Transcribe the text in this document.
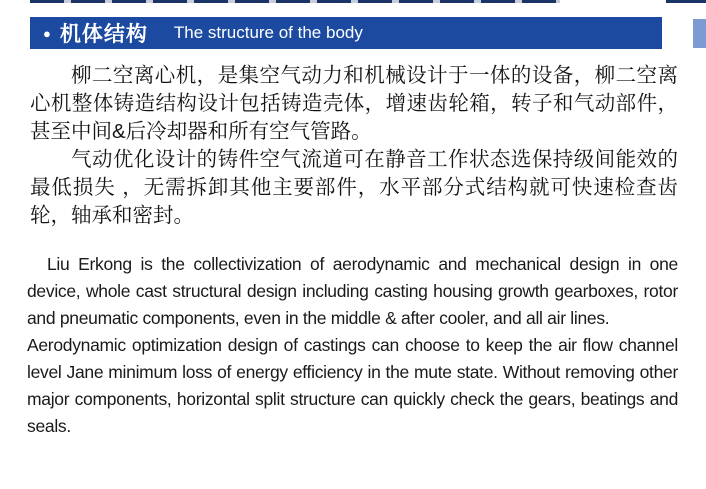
● 机体结构 The structure of the body

柳二空离心机，是集空气动力和机械设计于一体的设备，柳二空离心机整体铸造结构设计包括铸造壳体，增速齿轮箱，转子和气动部件，甚至中间&后冷却器和所有空气管路。

气动优化设计的铸件空气流道可在静音工作状态选保持级间能效的最低损失 ，无需拆卸其他主要部件，水平部分式结构就可快速检查齿轮，轴承和密封。

Liu Erkong is the collectivization of aerodynamic and mechanical design in one device, whole cast structural design including casting housing growth gearboxes, rotor and pneumatic components, even in the middle & after cooler, and all air lines.

Aerodynamic optimization design of castings can choose to keep the air flow channel level Jane minimum loss of energy efficiency in the mute state. Without removing other major components, horizontal split structure can quickly check the gears, beatings and seals.
